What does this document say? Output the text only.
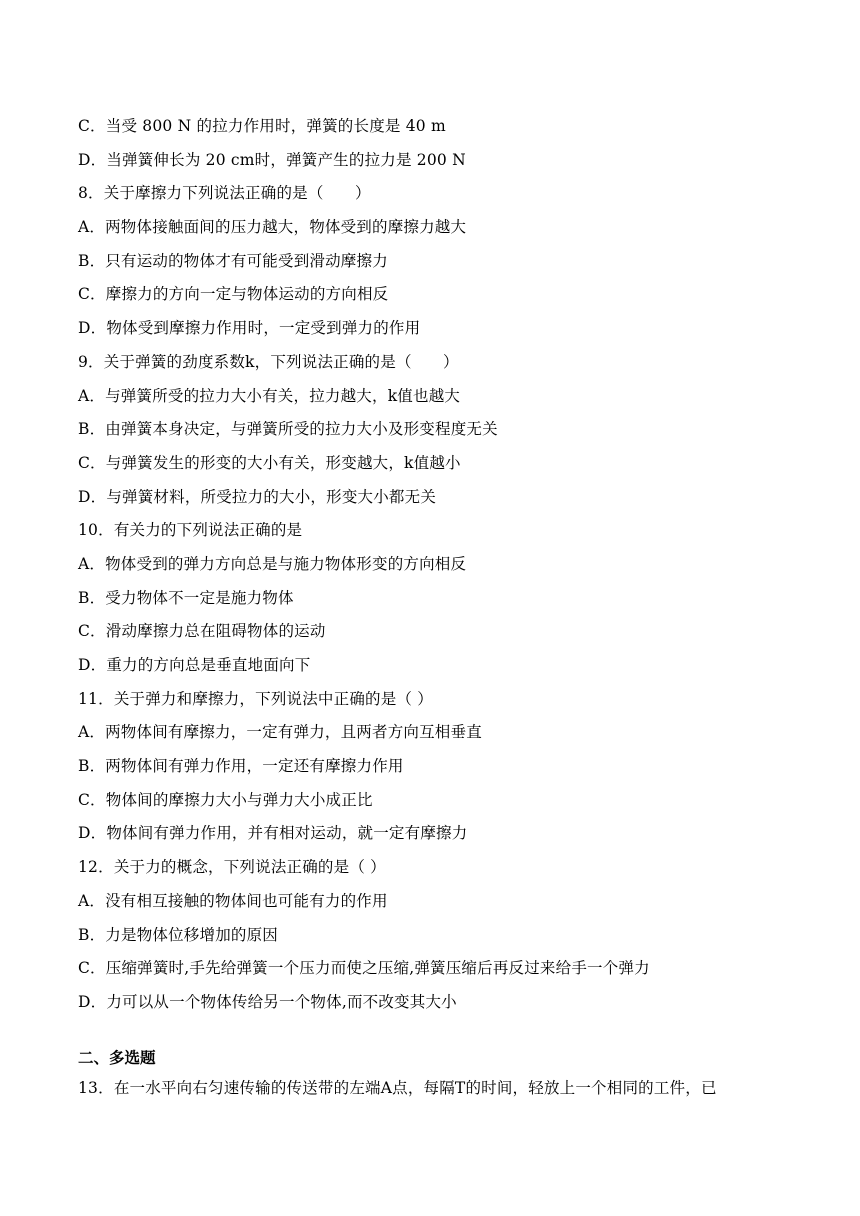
C．当受 800 N 的拉力作用时，弹簧的长度是 40 m
D．当弹簧伸长为 20 cm时，弹簧产生的拉力是 200 N
8．关于摩擦力下列说法正确的是（　　）
A．两物体接触面间的压力越大，物体受到的摩擦力越大
B．只有运动的物体才有可能受到滑动摩擦力
C．摩擦力的方向一定与物体运动的方向相反
D．物体受到摩擦力作用时，一定受到弹力的作用
9．关于弹簧的劲度系数k，下列说法正确的是（　　）
A．与弹簧所受的拉力大小有关，拉力越大，k值也越大
B．由弹簧本身决定，与弹簧所受的拉力大小及形变程度无关
C．与弹簧发生的形变的大小有关，形变越大，k值越小
D．与弹簧材料，所受拉力的大小，形变大小都无关
10．有关力的下列说法正确的是
A．物体受到的弹力方向总是与施力物体形变的方向相反
B．受力物体不一定是施力物体
C．滑动摩擦力总在阻碍物体的运动
D．重力的方向总是垂直地面向下
11．关于弹力和摩擦力，下列说法中正确的是（ ）
A．两物体间有摩擦力，一定有弹力，且两者方向互相垂直
B．两物体间有弹力作用，一定还有摩擦力作用
C．物体间的摩擦力大小与弹力大小成正比
D．物体间有弹力作用，并有相对运动，就一定有摩擦力
12．关于力的概念，下列说法正确的是（ ）
A．没有相互接触的物体间也可能有力的作用
B．力是物体位移增加的原因
C．压缩弹簧时,手先给弹簧一个压力而使之压缩,弹簧压缩后再反过来给手一个弹力
D．力可以从一个物体传给另一个物体,而不改变其大小
二、多选题
13．在一水平向右匀速传输的传送带的左端A点，每隔T的时间，轻放上一个相同的工件，已
